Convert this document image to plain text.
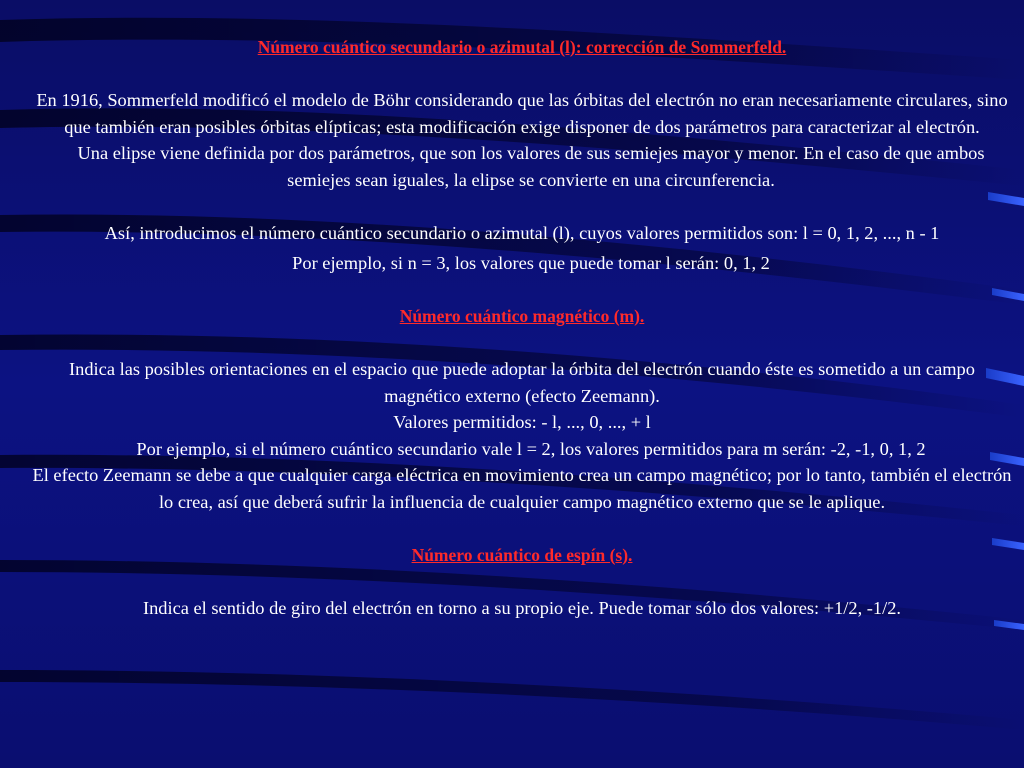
Número cuántico secundario o azimutal (l): corrección de Sommerfeld.

En 1916, Sommerfeld modificó el modelo de Böhr considerando que las órbitas del electrón no eran necesariamente circulares, sino que también eran posibles órbitas elípticas; esta modificación exige disponer de dos parámetros para caracterizar al electrón.

Una elipse viene definida por dos parámetros, que son los valores de sus semiejes mayor y menor. En el caso de que ambos semiejes sean iguales, la elipse se convierte en una circunferencia.

Así, introducimos el número cuántico secundario o azimutal (l), cuyos valores permitidos son: l = 0, 1, 2, ..., n - 1

Por ejemplo, si n = 3, los valores que puede tomar l serán: 0, 1, 2

Número cuántico magnético (m).

Indica las posibles orientaciones en el espacio que puede adoptar la órbita del electrón cuando éste es sometido a un campo magnético externo (efecto Zeemann).

Valores permitidos: - l, ..., 0, ..., + l

Por ejemplo, si el número cuántico secundario vale l = 2, los valores permitidos para m serán: -2, -1, 0, 1, 2

El efecto Zeemann se debe a que cualquier carga eléctrica en movimiento crea un campo magnético; por lo tanto, también el electrón lo crea, así que deberá sufrir la influencia de cualquier campo magnético externo que se le aplique.

Número cuántico de espín (s).

Indica el sentido de giro del electrón en torno a su propio eje. Puede tomar sólo dos valores: +1/2, -1/2.
